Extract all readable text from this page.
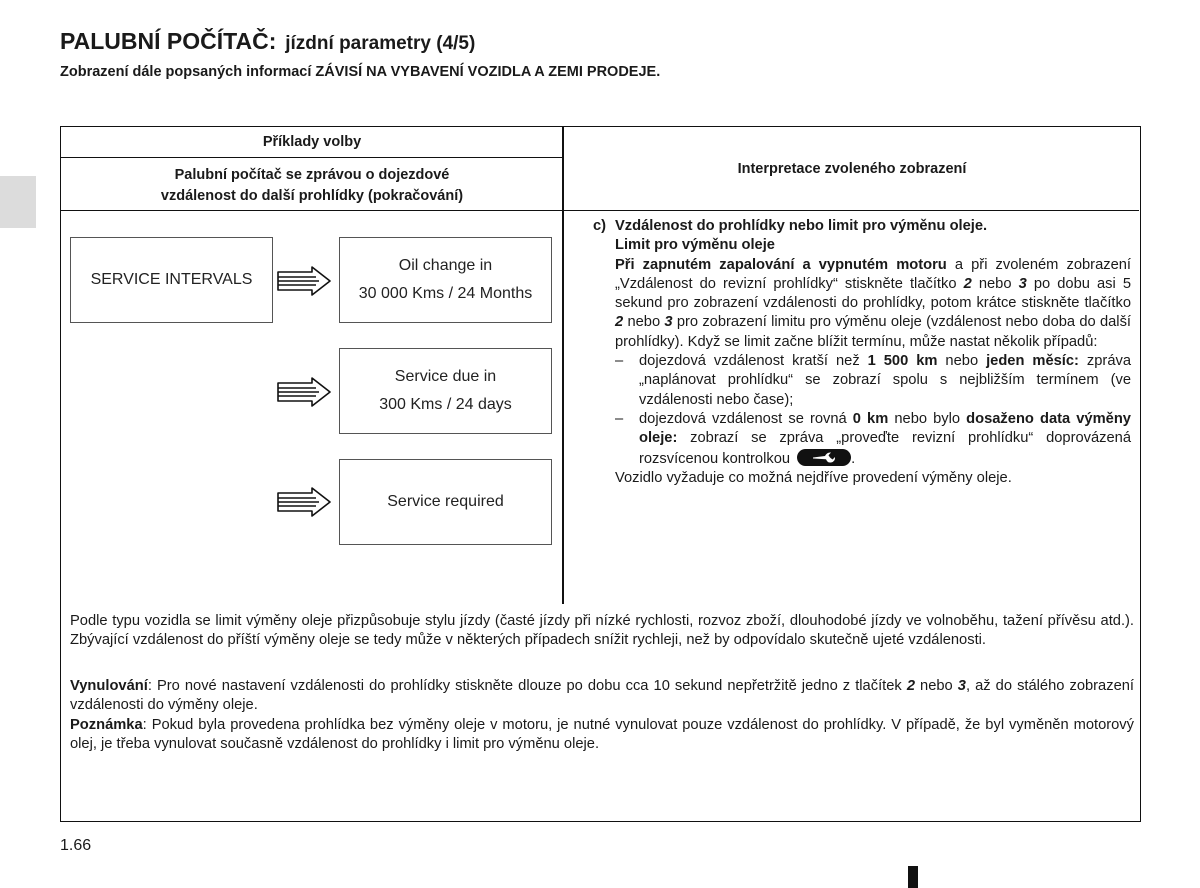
PALUBNÍ POČÍTAČ: jízdní parametry (4/5)

Zobrazení dále popsaných informací ZÁVISÍ NA VYBAVENÍ VOZIDLA A ZEMI PRODEJE.

Příklady volby
Palubní počítač se zprávou o dojezdové
vzdálenost do další prohlídky (pokračování)
Interpretace zvoleného zobrazení
SERVICE INTERVALS
Oil change in
30 000 Kms / 24 Months
Service due in
300 Kms / 24 days
Service required
c) Vzdálenost do prohlídky nebo limit pro výměnu oleje.

Limit pro výměnu oleje

Při zapnutém zapalování a vypnutém motoru a při zvoleném zobrazení „Vzdálenost do revizní prohlídky“ stiskněte tlačítko 2 nebo 3 po dobu asi 5 sekund pro zobrazení vzdálenosti do prohlídky, potom krátce stiskněte tlačítko 2 nebo 3 pro zobrazení limitu pro výměnu oleje (vzdálenost nebo doba do další prohlídky). Když se limit začne blížit termínu, může nastat několik případů:

–	dojezdová vzdálenost kratší než 1 500 km nebo jeden měsíc: zpráva „naplánovat prohlídku“ se zobrazí spolu s nejbližším termínem (ve vzdálenosti nebo čase);
–	dojezdová vzdálenost se rovná 0 km nebo bylo dosaženo data výměny oleje: zobrazí se zpráva „proveďte revizní prohlídku“ doprovázená rozsvícenou kontrolkou	.

Vozidlo vyžaduje co možná nejdříve provedení výměny oleje.

Podle typu vozidla se limit výměny oleje přizpůsobuje stylu jízdy (časté jízdy při nízké rychlosti, rozvoz zboží, dlouhodobé jízdy ve volnoběhu, tažení přívěsu atd.). Zbývající vzdálenost do příští výměny oleje se tedy může v některých případech snížit rychleji, než by odpovídalo skutečně ujeté vzdálenosti.

Vynulování: Pro nové nastavení vzdálenosti do prohlídky stiskněte dlouze po dobu cca 10 sekund nepřetržitě jedno z tlačítek 2 nebo 3, až do stálého zobrazení vzdálenosti do výměny oleje.

Poznámka: Pokud byla provedena prohlídka bez výměny oleje v motoru, je nutné vynulovat pouze vzdálenost do prohlídky. V případě, že byl vyměněn motorový olej, je třeba vynulovat současně vzdálenost do prohlídky i limit pro výměnu oleje.

1.66
